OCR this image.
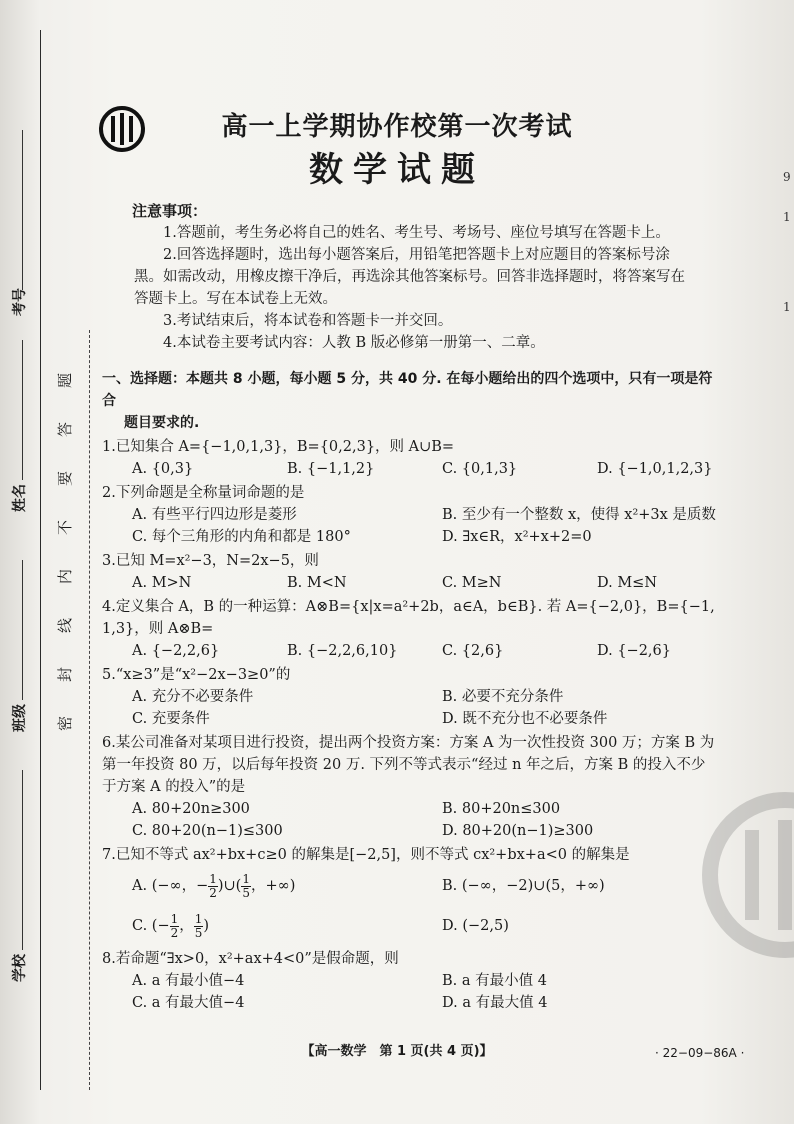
考号
姓名
班级
学校
题
答
要
不
内
线
封
密
高一上学期协作校第一次考试
数学试题
注意事项：

1.答题前，考生务必将自己的姓名、考生号、考场号、座位号填写在答题卡上。

2.回答选择题时，选出每小题答案后，用铅笔把答题卡上对应题目的答案标号涂

黑。如需改动，用橡皮擦干净后，再选涂其他答案标号。回答非选择题时，将答案写在

答题卡上。写在本试卷上无效。

3.考试结束后，将本试卷和答题卡一并交回。

4.本试卷主要考试内容：人教 B 版必修第一册第一、二章。

一、选择题：本题共 8 小题，每小题 5 分，共 40 分. 在每小题给出的四个选项中，只有一项是符合
题目要求的.
1.已知集合 A={−1,0,1,3}，B={0,2,3}，则 A∪B=
A. {0,3}	B. {−1,1,2}	C. {0,1,3}	D. {−1,0,1,2,3}
2.下列命题是全称量词命题的是
A. 有些平行四边形是菱形	B. 至少有一个整数 x，使得 x²+3x 是质数
C. 每个三角形的内角和都是 180°	D. ∃x∈R，x²+x+2=0
3.已知 M=x²−3，N=2x−5，则
A. M>N	B. M<N	C. M≥N	D. M≤N
4.定义集合 A，B 的一种运算：A⊗B={x|x=a²+2b，a∈A，b∈B}. 若 A={−2,0}，B={−1,
1,3}，则 A⊗B=
A. {−2,2,6}	B. {−2,2,6,10}	C. {2,6}	D. {−2,6}
5.“x≥3”是“x²−2x−3≥0”的
A. 充分不必要条件	B. 必要不充分条件
C. 充要条件	D. 既不充分也不必要条件
6.某公司准备对某项目进行投资，提出两个投资方案：方案 A 为一次性投资 300 万；方案 B 为
第一年投资 80 万，以后每年投资 20 万. 下列不等式表示“经过 n 年之后，方案 B 的投入不少
于方案 A 的投入”的是
A. 80+20n≥300	B. 80+20n≤300
C. 80+20(n−1)≤300	D. 80+20(n−1)≥300
7.已知不等式 ax²+bx+c≥0 的解集是[−2,5]，则不等式 cx²+bx+a<0 的解集是
A. (−∞，− $\frac{1}{2}$ )∪( $\frac{1}{5}$ ，+∞)	B. (−∞，−2)∪(5，+∞)
C. (− $\frac{1}{2}$ ， $\frac{1}{5}$ )	D. (−2,5)
8.若命题“∃x>0，x²+ax+4<0”是假命题，则
A. a 有最小值−4	B. a 有最小值 4
C. a 有最大值−4	D. a 有最大值 4
【高一数学　第 1 页(共 4 页)】	· 22−09−86A ·
9
1
1
